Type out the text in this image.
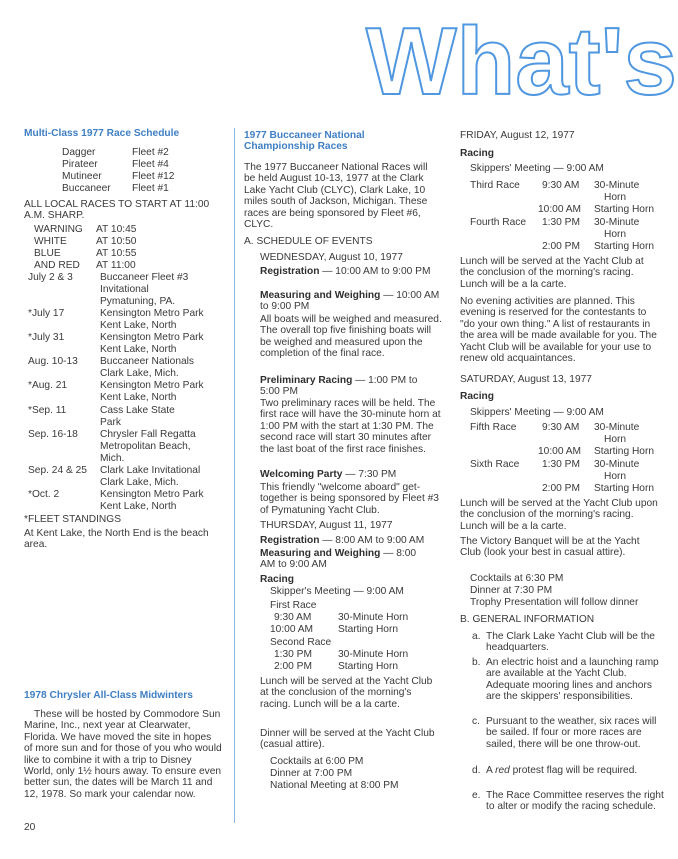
What's
Multi-Class 1977 Race Schedule
Dagger	Fleet #2
Pirateer	Fleet #4
Mutineer	Fleet #12
Buccaneer Fleet #1
ALL LOCAL RACES TO START AT 11:00 A.M. SHARP.
WARNING AT 10:45
WHITE	AT 10:50
BLUE	AT 10:55
AND RED AT 11:00
July 2 & 3	Buccaneer Fleet #3
Invitational
Pymatuning, PA.
*July 17	Kensington Metro Park
Kent Lake, North
*July 31	Kensington Metro Park
Kent Lake, North
Aug. 10-13 Buccaneer Nationals
Clark Lake, Mich.
*Aug. 21	Kensington Metro Park
Kent Lake, North
*Sep. 11	Cass Lake State
Park
Sep. 16-18 Chrysler Fall Regatta
Metropolitan Beach,
Mich.
Sep. 24 & 25 Clark Lake Invitational
Clark Lake, Mich.
*Oct. 2	Kensington Metro Park
Kent Lake, North
*FLEET STANDINGS
At Kent Lake, the North End is the beach area.
1978 Chrysler All-Class Midwinters
These will be hosted by Commodore Sun Marine, Inc., next year at Clearwater, Florida. We have moved the site in hopes of more sun and for those of you who would like to combine it with a trip to Disney World, only 1½ hours away. To ensure even better sun, the dates will be March 11 and 12, 1978. So mark your calendar now.
20
1977 Buccaneer National Championship Races
The 1977 Buccaneer National Races will be held August 10-13, 1977 at the Clark Lake Yacht Club (CLYC), Clark Lake, 10 miles south of Jackson, Michigan. These races are being sponsored by Fleet #6, CLYC.
A. SCHEDULE OF EVENTS
WEDNESDAY, August 10, 1977
Registration — 10:00 AM to 9:00 PM
Measuring and Weighing — 10:00 AM to 9:00 PM
All boats will be weighed and measured. The overall top five finishing boats will be weighed and measured upon the completion of the final race.
Preliminary Racing — 1:00 PM to 5:00 PM
Two preliminary races will be held. The first race will have the 30-minute horn at 1:00 PM with the start at 1:30 PM. The second race will start 30 minutes after the last boat of the first race finishes.
Welcoming Party — 7:30 PM
This friendly "welcome aboard" get-together is being sponsored by Fleet #3 of Pymatuning Yacht Club.
THURSDAY, August 11, 1977
Registration — 8:00 AM to 9:00 AM
Measuring and Weighing — 8:00 AM to 9:00 AM
Racing
Skipper's Meeting — 9:00 AM
First Race
9:30 AM	30-Minute Horn
10:00 AM Starting Horn
Second Race
1:30 PM	30-Minute Horn
2:00 PM	Starting Horn
Lunch will be served at the Yacht Club at the conclusion of the morning's racing. Lunch will be a la carte.
Dinner will be served at the Yacht Club (casual attire).
Cocktails at 6:00 PM
Dinner at 7:00 PM
National Meeting at 8:00 PM
FRIDAY, August 12, 1977
Racing
Skippers' Meeting — 9:00 AM
Third Race 9:30 AM 30-Minute
Horn
10:00 AM Starting Horn
Fourth Race 1:30 PM 30-Minute
Horn
2:00 PM Starting Horn
Lunch will be served at the Yacht Club at the conclusion of the morning's racing. Lunch will be a la carte.
No evening activities are planned. This evening is reserved for the contestants to "do your own thing." A list of restaurants in the area will be made available for you. The Yacht Club will be available for your use to renew old acquaintances.
SATURDAY, August 13, 1977
Racing
Skippers' Meeting — 9:00 AM
Fifth Race	9:30 AM 30-Minute
Horn
10:00 AM Starting Horn
Sixth Race 1:30 PM 30-Minute
Horn
2:00 PM Starting Horn
Lunch will be served at the Yacht Club upon the conclusion of the morning's racing. Lunch will be a la carte.
The Victory Banquet will be at the Yacht Club (look your best in casual attire).
Cocktails at 6:30 PM
Dinner at 7:30 PM
Trophy Presentation will follow dinner
B. GENERAL INFORMATION
a. The Clark Lake Yacht Club will be the headquarters.
b. An electric hoist and a launching ramp are available at the Yacht Club. Adequate mooring lines and anchors are the skippers' responsibilities.
c. Pursuant to the weather, six races will be sailed. If four or more races are sailed, there will be one throw-out.
d. A red protest flag will be required.
e. The Race Committee reserves the right to alter or modify the racing schedule.
